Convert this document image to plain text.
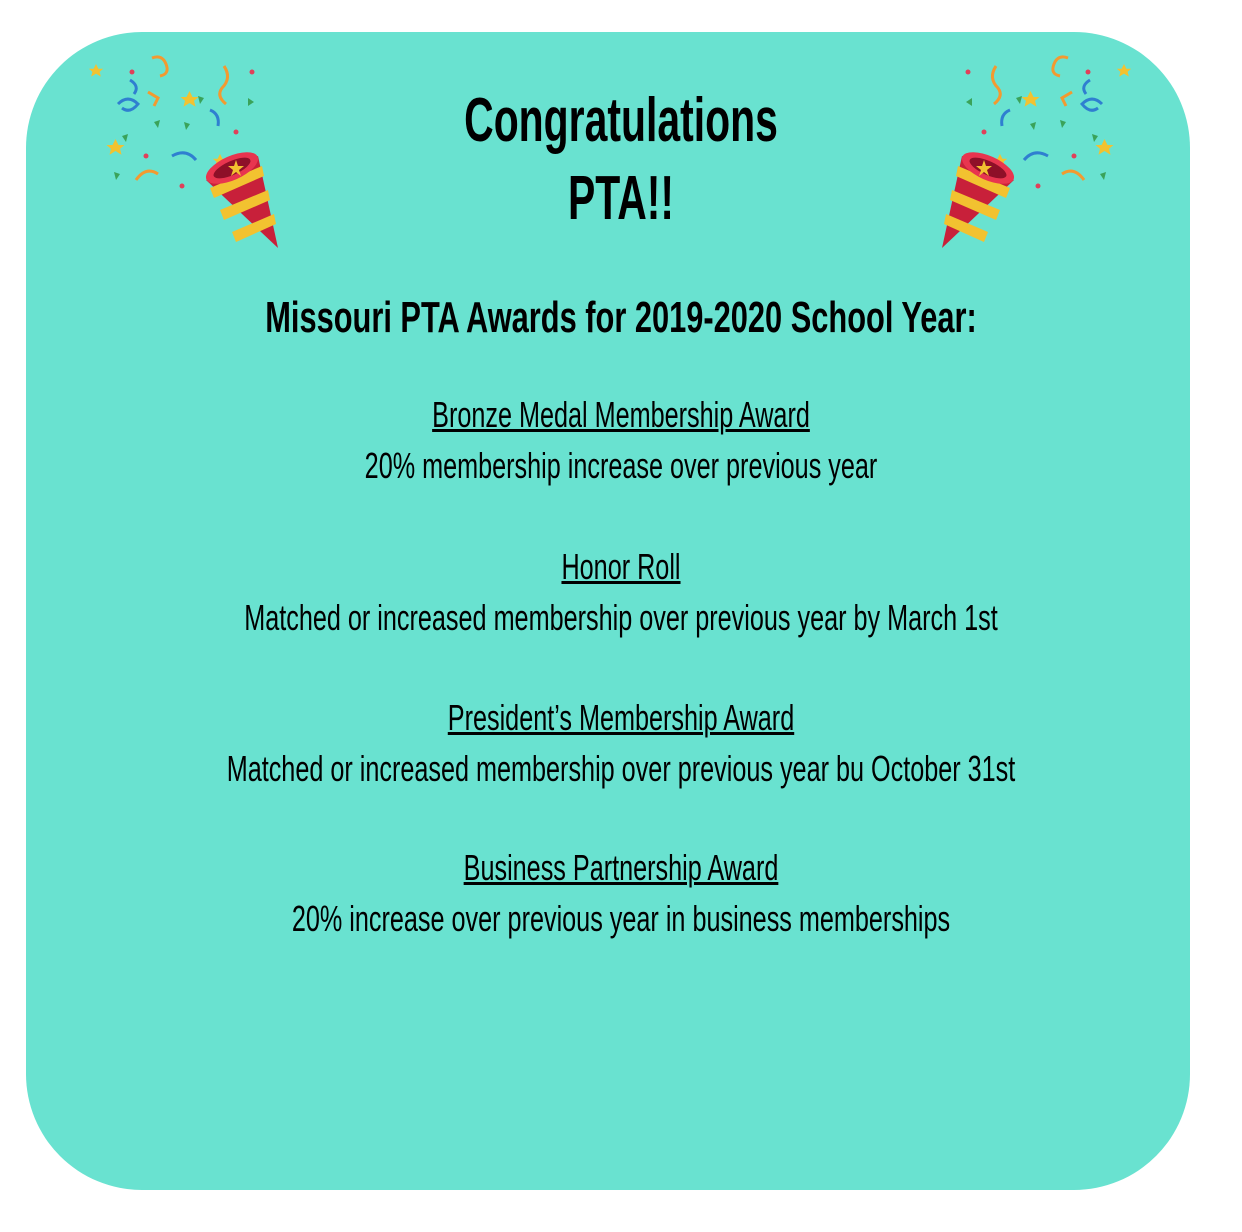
Congratulations
PTA!!
Missouri PTA Awards for 2019-2020 School Year:
Bronze Medal Membership Award
20% membership increase over previous year
Honor Roll
Matched or increased membership over previous year by March 1st
President’s Membership Award
Matched or increased membership over previous year bu October 31st
Business Partnership Award
20% increase over previous year in business memberships
